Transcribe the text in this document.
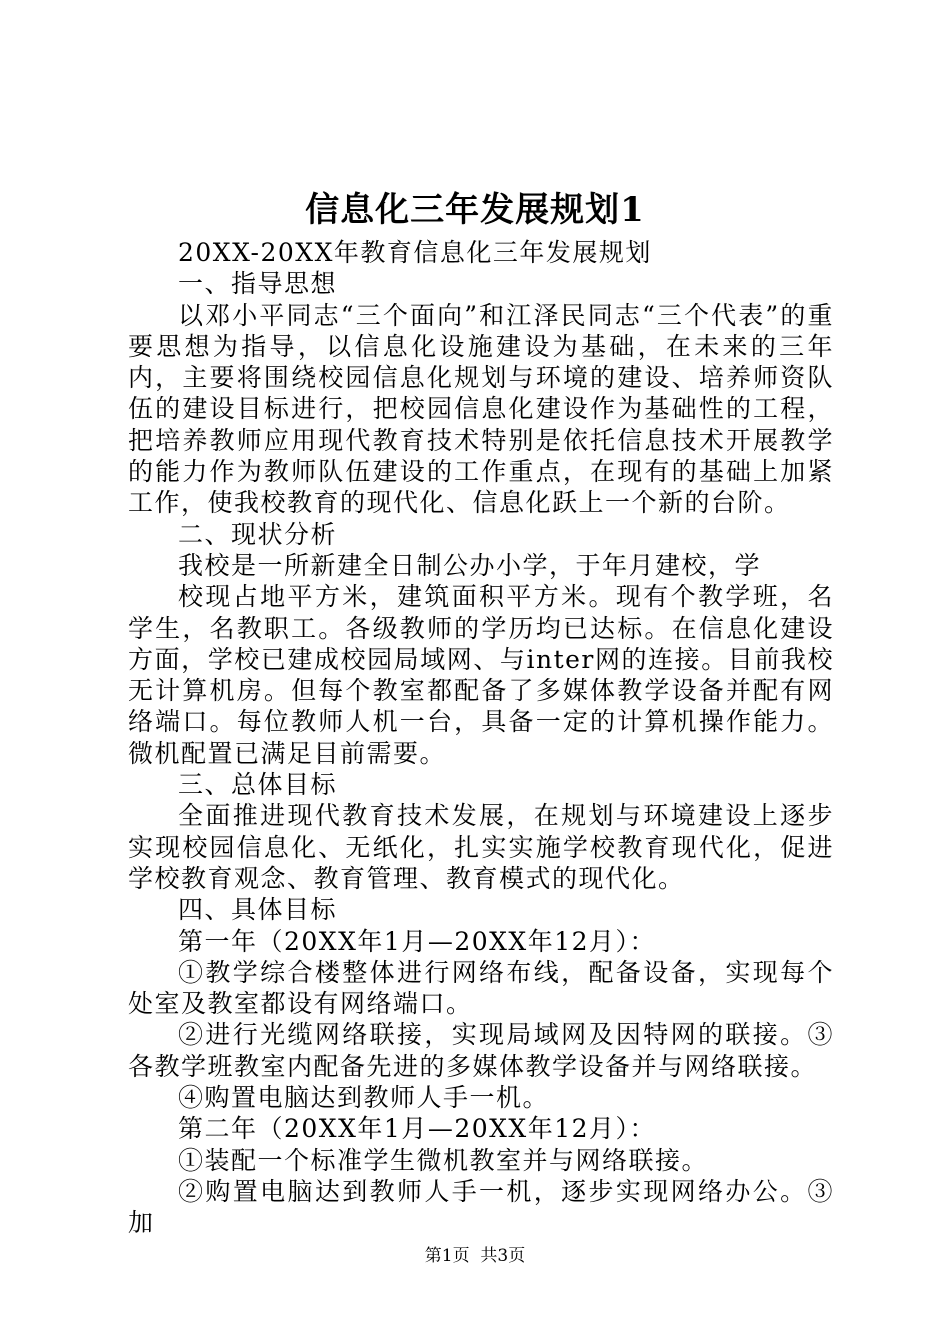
信息化三年发展规划1

20XX-20XX年教育信息化三年发展规划

一、指导思想

以邓小平同志“三个面向”和江泽民同志“三个代表”的重要思想为指导，以信息化设施建设为基础，在未来的三年内，主要将围绕校园信息化规划与环境的建设、培养师资队伍的建设目标进行，把校园信息化建设作为基础性的工程，把培养教师应用现代教育技术特别是依托信息技术开展教学的能力作为教师队伍建设的工作重点，在现有的基础上加紧工作，使我校教育的现代化、信息化跃上一个新的台阶。

二、现状分析

我校是一所新建全日制公办小学，于年月建校，学

校现占地平方米，建筑面积平方米。现有个教学班，名学生，名教职工。各级教师的学历均已达标。在信息化建设方面，学校已建成校园局域网、与inter网的连接。目前我校无计算机房。但每个教室都配备了多媒体教学设备并配有网络端口。每位教师人机一台，具备一定的计算机操作能力。微机配置已满足目前需要。

三、总体目标

全面推进现代教育技术发展，在规划与环境建设上逐步实现校园信息化、无纸化，扎实实施学校教育现代化，促进学校教育观念、教育管理、教育模式的现代化。

四、具体目标

第一年（20XX年1月—20XX年12月）：

①教学综合楼整体进行网络布线，配备设备，实现每个处室及教室都设有网络端口。

②进行光缆网络联接，实现局域网及因特网的联接。③各教学班教室内配备先进的多媒体教学设备并与网络联接。

④购置电脑达到教师人手一机。

第二年（20XX年1月—20XX年12月）：

①装配一个标准学生微机教室并与网络联接。

②购置电脑达到教师人手一机，逐步实现网络办公。③加

第1页 共3页
